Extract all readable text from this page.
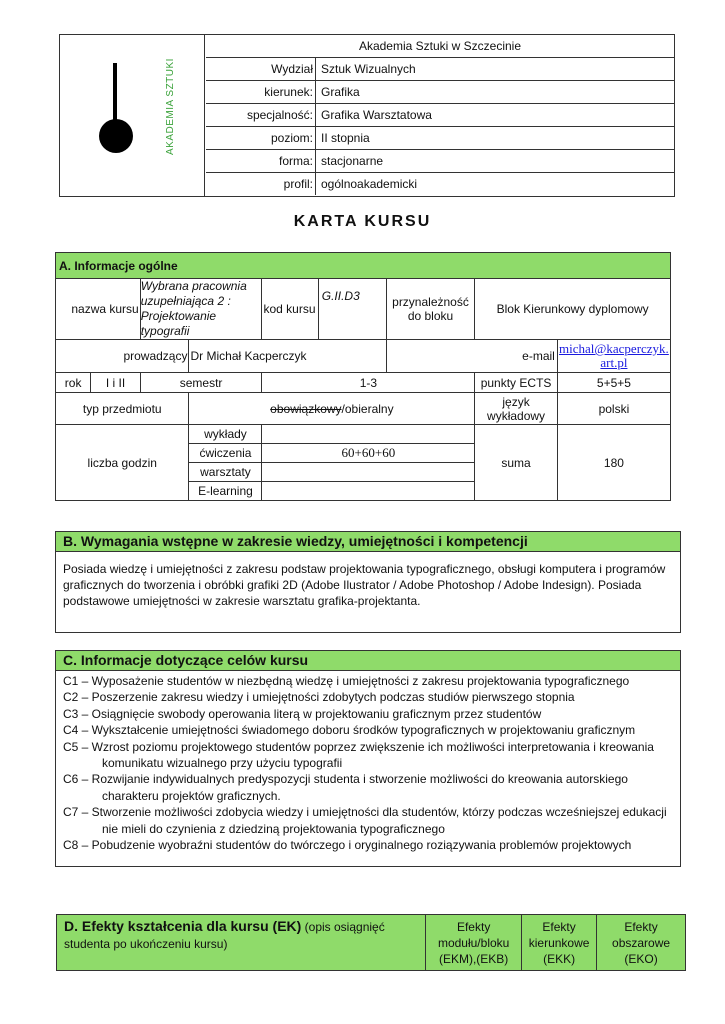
AKADEMIA SZTUKI
Akademia Sztuki w Szczecinie
Wydział Sztuk Wizualnych
kierunek: Grafika
specjalność: Grafika Warsztatowa
poziom: II stopnia
forma: stacjonarne
profil: ogólnoakademicki
KARTA KURSU
A. Informacje ogólne								
nazwa kursu		Wybrana pracownia uzupełniająca 2 : Projektowanie typografii		kod kursu	G.II.D3	przynależność do bloku	Blok Kierunkowy dyplomowy	
prowadzący			Dr Michał Kacperczyk			e-mail		michal@kacperczyk.art.pl
rok	I i II	semestr		1-3			punkty ECTS	5+5+5
typ przedmiotu			obowiązkowy/obieralny				język wykładowy	polski
liczba godzin			wykłady				suma	180
			ćwiczenia	60+60+60				
			warsztaty					
			E-learning					
B. Wymagania wstępne w zakresie wiedzy, umiejętności i kompetencji
Posiada wiedzę i umiejętności z zakresu podstaw projektowania typograficznego, obsługi komputera i programów graficznych do tworzenia i obróbki grafiki 2D (Adobe Ilustrator / Adobe Photoshop / Adobe Indesign). Posiada podstawowe umiejętności w zakresie warsztatu grafika-projektanta.
C. Informacje dotyczące celów kursu
C1 – Wyposażenie studentów w niezbędną wiedzę i umiejętności z zakresu projektowania typograficznego
C2 – Poszerzenie zakresu wiedzy i umiejętności zdobytych podczas studiów pierwszego stopnia
C3 – Osiągnięcie swobody operowania literą w projektowaniu graficznym przez studentów
C4 – Wykształcenie umiejętności świadomego doboru środków typograficznych w projektowaniu graficznym
C5 – Wzrost poziomu projektowego studentów poprzez zwiększenie ich możliwości interpretowania i kreowania komunikatu wizualnego przy użyciu typografii
C6 – Rozwijanie indywidualnych predyspozycji studenta i stworzenie możliwości do kreowania autorskiego charakteru projektów graficznych.
C7 – Stworzenie możliwości zdobycia wiedzy i umiejętności dla studentów, którzy podczas wcześniejszej edukacji nie mieli do czynienia z dziedziną projektowania typograficznego
C8 – Pobudzenie wyobraźni studentów do twórczego i oryginalnego roziązywania problemów projektowych
D. Efekty kształcenia dla kursu (EK) (opis osiągnięć
studenta po ukończeniu kursu)	Efekty modułu/bloku (EKM),(EKB)	Efekty kierunkowe (EKK)	Efekty obszarowe (EKO)
